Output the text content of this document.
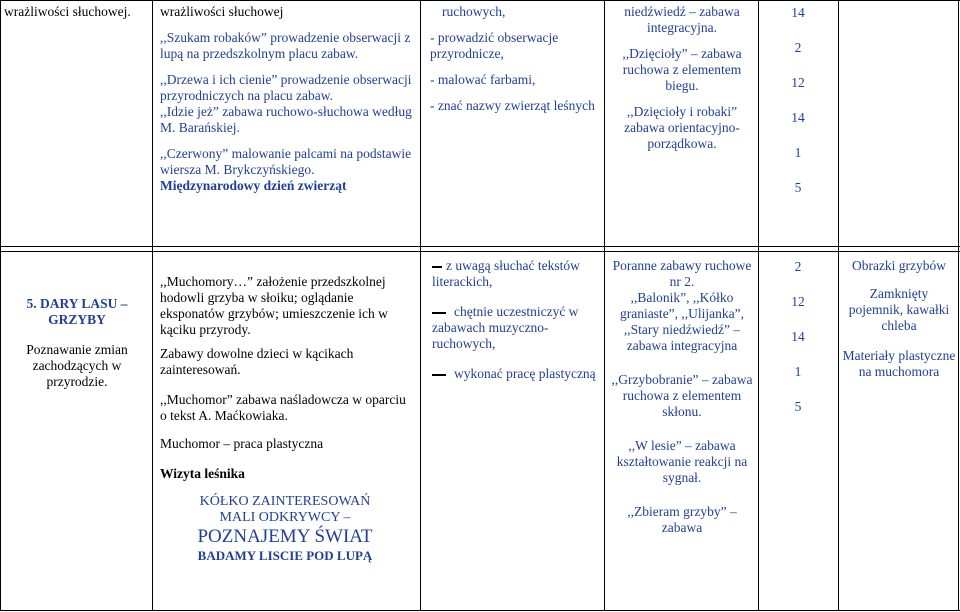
wrażliwości słuchowej.	wrażliwości słuchowej

,,Szukam robaków” prowadzenie obserwacji z lupą na przedszkolnym placu zabaw.

,,Drzewa i ich cienie” prowadzenie obserwacji przyrodniczych na placu zabaw.

,,Idzie jeż” zabawa ruchowo-słuchowa według M. Barańskiej.

,,Czerwony” malowanie palcami na podstawie wiersza M. Brykczyńskiego.

Międzynarodowy dzień zwierząt

ruchowych,

- prowadzić obserwacje przyrodnicze,

- malować farbami,

- znać nazwy zwierząt leśnych

niedźwiedź – zabawa integracyjna.

,,Dzięcioły” – zabawa ruchowa z elementem biegu.

,,Dzięcioły i robaki” zabawa orientacyjno-porządkowa.

14

2

12

14

1

5

5. DARY LASU – GRZYBY

Poznawanie zmian zachodzących w przyrodzie.

,,Muchomory…” założenie przedszkolnej hodowli grzyba w słoiku; oglądanie eksponatów grzybów; umieszczenie ich w kąciku przyrody.

Zabawy dowolne dzieci w kącikach zainteresowań.

,,Muchomor” zabawa naśladowcza w oparciu o tekst A. Maćkowiaka.

Muchomor – praca plastyczna

Wizyta leśnika

KÓŁKO ZAINTERESOWAŃ

MALI ODKRYWCY –

POZNAJEMY ŚWIAT

BADAMY LISCIE POD LUPĄ

z uwagą słuchać tekstów literackich,

chętnie uczestniczyć w zabawach muzyczno-ruchowych,

wykonać pracę plastyczną

Poranne zabawy ruchowe nr 2.

,,Balonik”, ,,Kółko graniaste”, ,,Ulijanka”, ,,Stary niedźwiedź” – zabawa integracyjna

,,Grzybobranie” – zabawa ruchowa z elementem skłonu.

,,W lesie” – zabawa kształtowanie reakcji na sygnał.

,,Zbieram grzyby” – zabawa

2

12

14

1

5

Obrazki grzybów

Zamknięty pojemnik, kawałki chleba

Materiały plastyczne na muchomora
